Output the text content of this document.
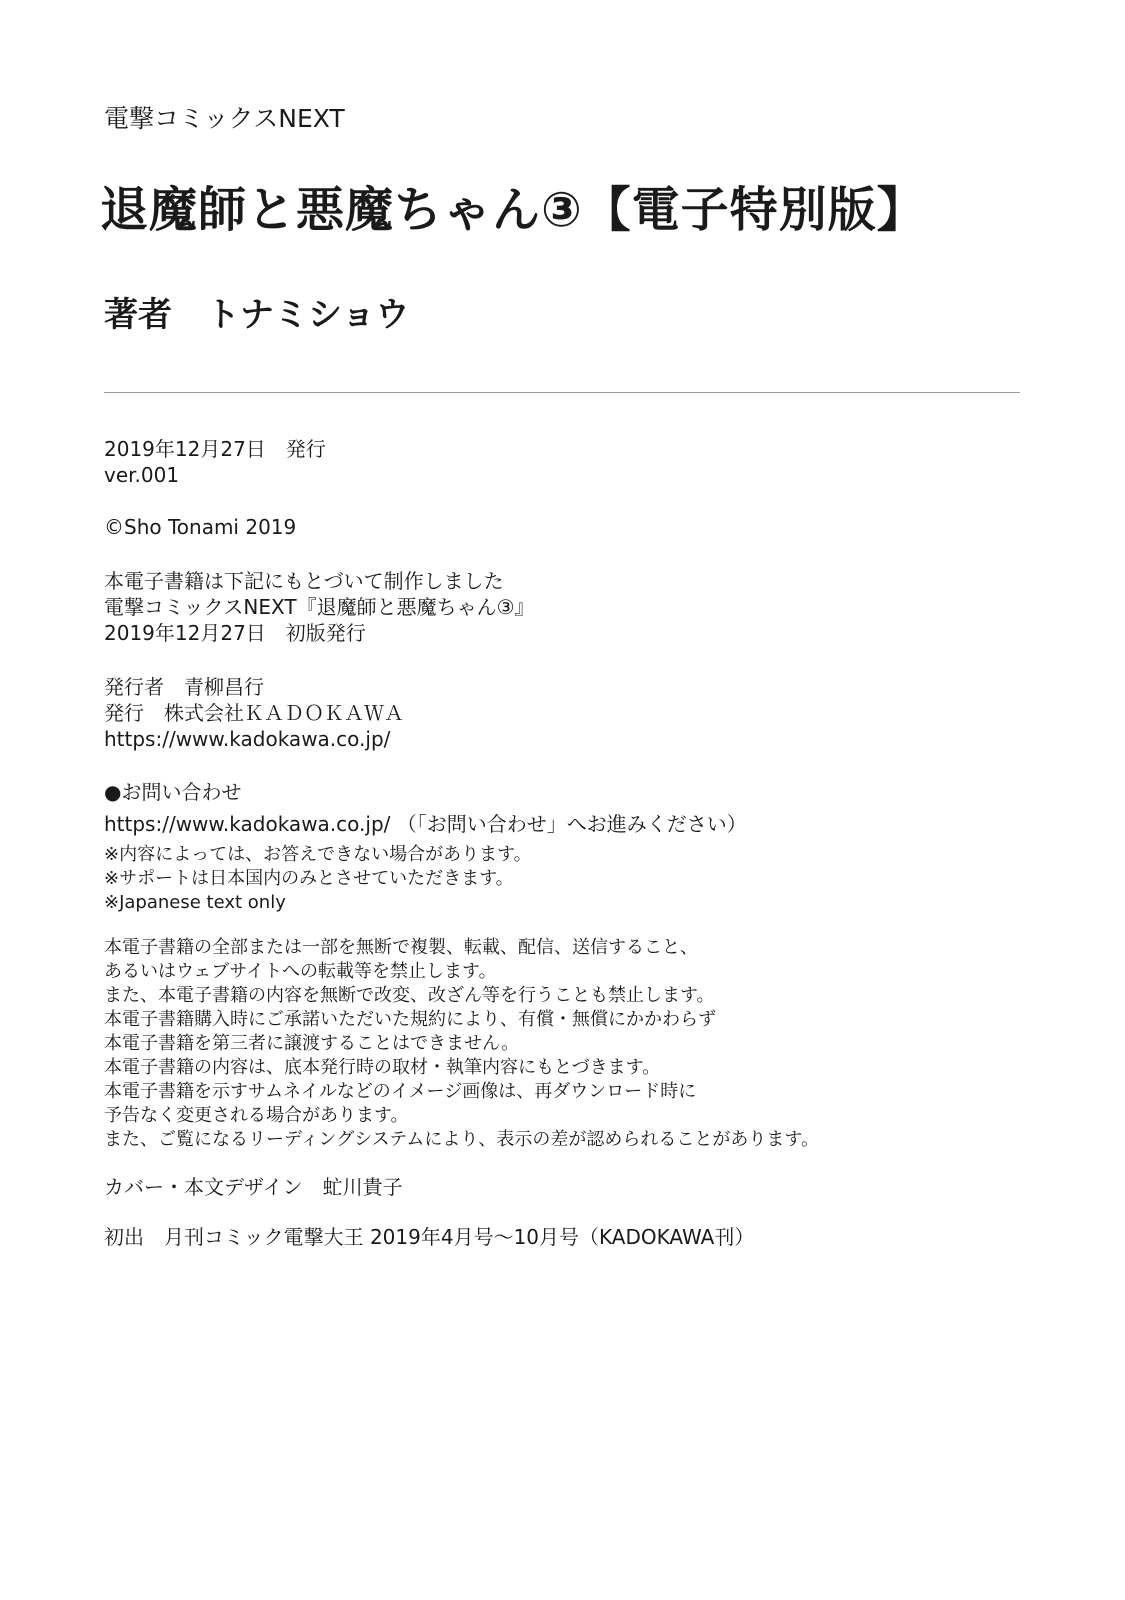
電撃コミックスNEXT
退魔師と悪魔ちゃん③【電子特別版】
著者 トナミショウ
2019年12月27日 発行
ver.001
©Sho Tonami 2019
本電子書籍は下記にもとづいて制作しました
電撃コミックスNEXT『退魔師と悪魔ちゃん③』
2019年12月27日 初版発行
発行者 青柳昌行
発行 株式会社ＫＡＤＯＫＡＷＡ
https://www.kadokawa.co.jp/
●お問い合わせ
https://www.kadokawa.co.jp/ （「お問い合わせ」へお進みください）
※内容によっては、お答えできない場合があります。
※サポートは日本国内のみとさせていただきます。
※Japanese text only
本電子書籍の全部または一部を無断で複製、転載、配信、送信すること、
あるいはウェブサイトへの転載等を禁止します。
また、本電子書籍の内容を無断で改変、改ざん等を行うことも禁止します。
本電子書籍購入時にご承諾いただいた規約により、有償・無償にかかわらず
本電子書籍を第三者に譲渡することはできません。
本電子書籍の内容は、底本発行時の取材・執筆内容にもとづきます。
本電子書籍を示すサムネイルなどのイメージ画像は、再ダウンロード時に
予告なく変更される場合があります。
また、ご覧になるリーディングシステムにより、表示の差が認められることがあります。
カバー・本文デザイン 虻川貴子
初出 月刊コミック電撃大王 2019年4月号〜10月号（KADOKAWA刊）
